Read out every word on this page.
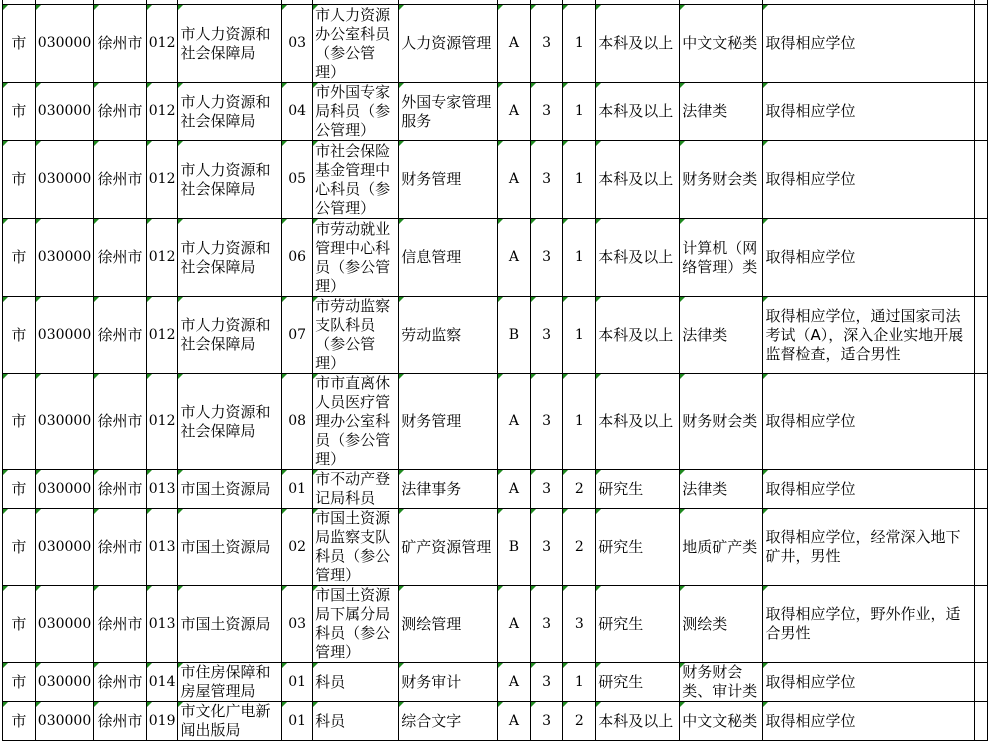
市	030000	徐州市	012	市人力资源和社会保障局	03	市人力资源办公室科员（参公管理）	人力资源管理	A	3	1	本科及以上	中文文秘类	取得相应学位	
市	030000	徐州市	012	市人力资源和社会保障局	04	市外国专家局科员（参公管理）	外国专家管理服务	A	3	1	本科及以上	法律类	取得相应学位	
市	030000	徐州市	012	市人力资源和社会保障局	05	市社会保险基金管理中心科员（参公管理）	财务管理	A	3	1	本科及以上	财务财会类	取得相应学位	
市	030000	徐州市	012	市人力资源和社会保障局	06	市劳动就业管理中心科员（参公管理）	信息管理	A	3	1	本科及以上	计算机（网络管理）类	取得相应学位	
市	030000	徐州市	012	市人力资源和社会保障局	07	市劳动监察支队科员（参公管理）	劳动监察	B	3	1	本科及以上	法律类	取得相应学位，通过国家司法考试（A），深入企业实地开展监督检查，适合男性	
市	030000	徐州市	012	市人力资源和社会保障局	08	市市直离休人员医疗管理办公室科员（参公管理）	财务管理	A	3	1	本科及以上	财务财会类	取得相应学位	
市	030000	徐州市	013	市国土资源局	01	市不动产登记局科员	法律事务	A	3	2	研究生	法律类	取得相应学位	
市	030000	徐州市	013	市国土资源局	02	市国土资源局监察支队科员（参公管理）	矿产资源管理	B	3	2	研究生	地质矿产类	取得相应学位，经常深入地下矿井，男性	
市	030000	徐州市	013	市国土资源局	03	市国土资源局下属分局科员（参公管理）	测绘管理	A	3	3	研究生	测绘类	取得相应学位，野外作业，适合男性	
市	030000	徐州市	014	市住房保障和房屋管理局	01	科员	财务审计	A	3	1	研究生	财务财会类、审计类	取得相应学位	
市	030000	徐州市	019	市文化广电新闻出版局	01	科员	综合文字	A	3	2	本科及以上	中文文秘类	取得相应学位	
